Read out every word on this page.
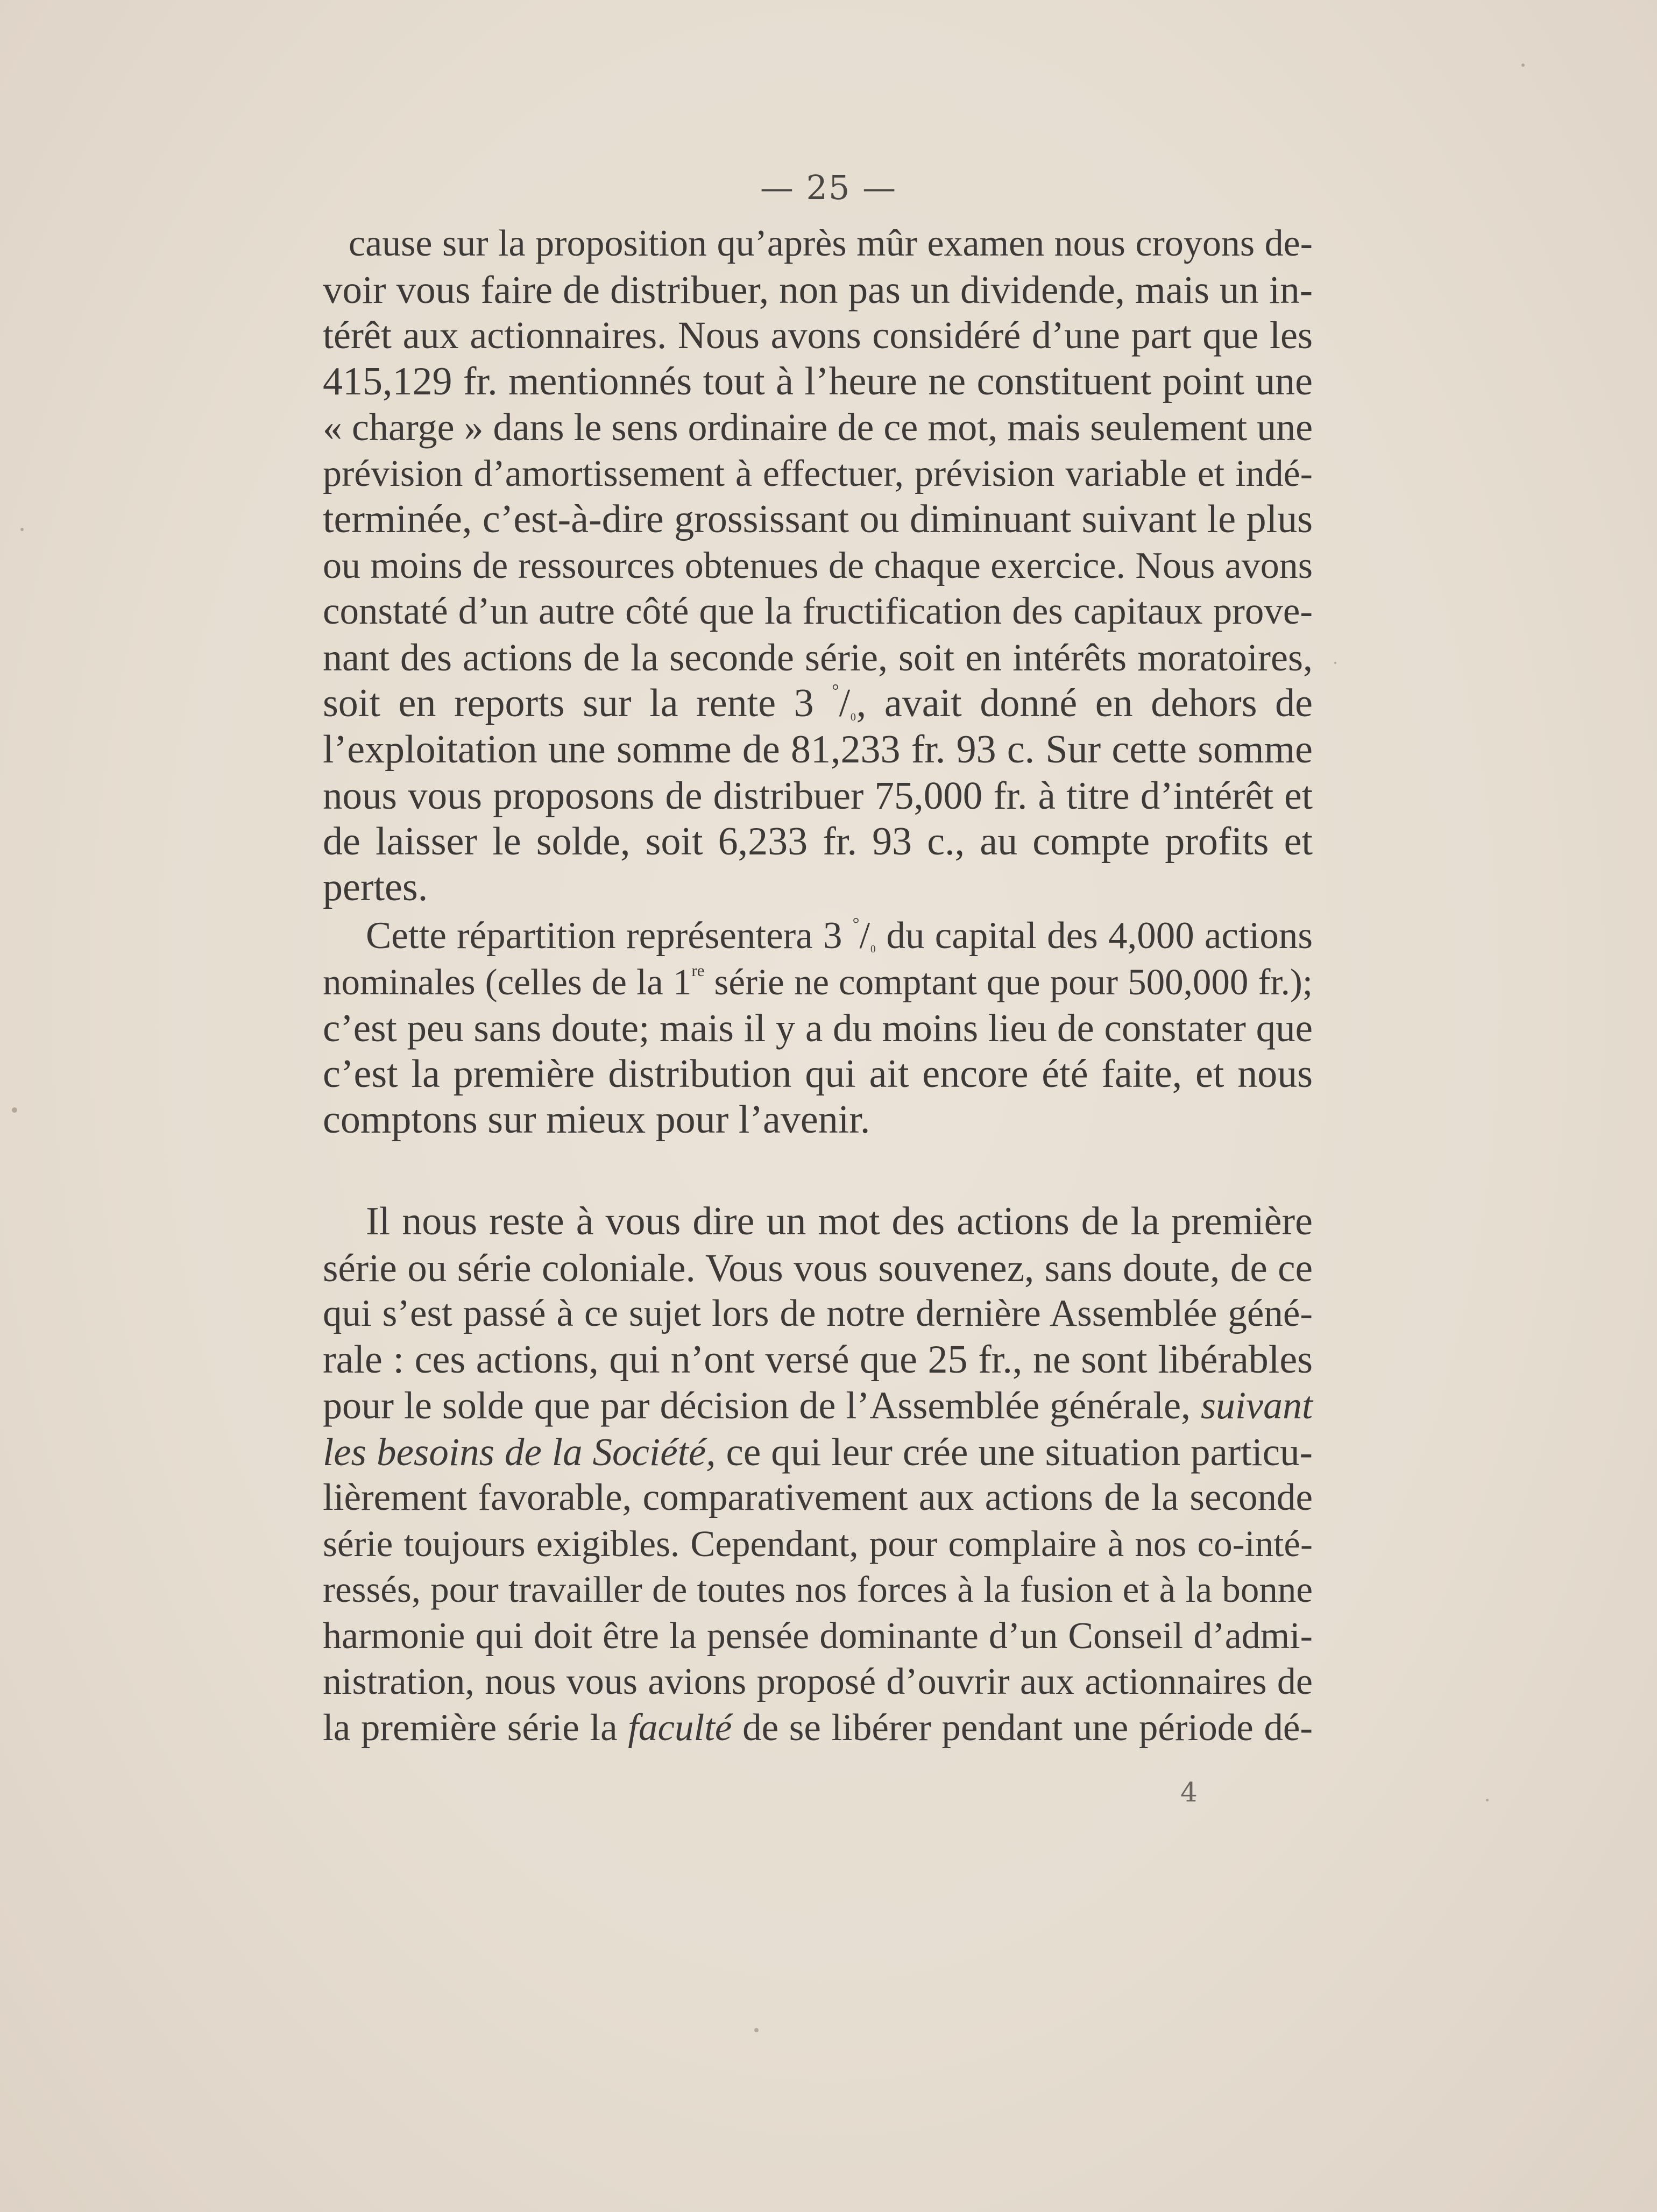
— 25 —
cause sur la proposition qu’après mûr examen nous croyons de-
voir vous faire de distribuer, non pas un dividende, mais un in-
térêt aux actionnaires. Nous avons considéré d’une part que les
415,129 fr. mentionnés tout à l’heure ne constituent point une
« charge » dans le sens ordinaire de ce mot, mais seulement une
prévision d’amortissement à effectuer, prévision variable et indé-
terminée, c’est-à-dire grossissant ou diminuant suivant le plus
ou moins de ressources obtenues de chaque exercice. Nous avons
constaté d’un autre côté que la fructification des capitaux prove-
nant des actions de la seconde série, soit en intérêts moratoires,
soit en reports sur la rente 3 $^\circ/_{_0}$, avait donné en dehors de
l’exploitation une somme de 81,233 fr. 93 c. Sur cette somme
nous vous proposons de distribuer 75,000 fr. à titre d’intérêt et
de laisser le solde, soit 6,233 fr. 93 c., au compte profits et
pertes.
Cette répartition représentera 3 $^\circ/_{_0}$ du capital des 4,000 actions
nominales (celles de la 1re série ne comptant que pour 500,000 fr.);
c’est peu sans doute; mais il y a du moins lieu de constater que
c’est la première distribution qui ait encore été faite, et nous
comptons sur mieux pour l’avenir.
Il nous reste à vous dire un mot des actions de la première
série ou série coloniale. Vous vous souvenez, sans doute, de ce
qui s’est passé à ce sujet lors de notre dernière Assemblée géné-
rale : ces actions, qui n’ont versé que 25 fr., ne sont libérables
pour le solde que par décision de l’Assemblée générale, suivant
les besoins de la Société, ce qui leur crée une situation particu-
lièrement favorable, comparativement aux actions de la seconde
série toujours exigibles. Cependant, pour complaire à nos co-inté-
ressés, pour travailler de toutes nos forces à la fusion et à la bonne
harmonie qui doit être la pensée dominante d’un Conseil d’admi-
nistration, nous vous avions proposé d’ouvrir aux actionnaires de
la première série la faculté de se libérer pendant une période dé-
4
